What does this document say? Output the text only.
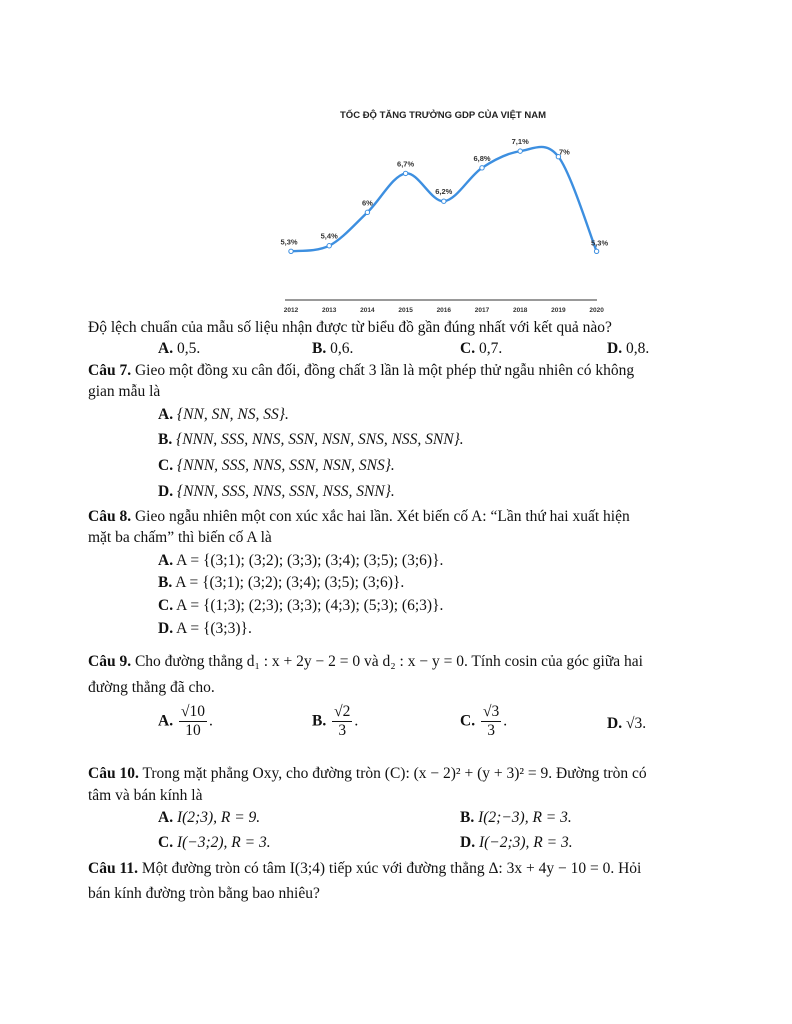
TỐC ĐỘ TĂNG TRƯỞNG GDP CỦA VIỆT NAM
5,3%
2012
5,4%
2013
6%
2014
6,7%
2015
6,2%
2016
6,8%
2017
7,1%
2018
7%
2019
5,3%
2020
Độ lệch chuẩn của mẫu số liệu nhận được từ biểu đồ gần đúng nhất với kết quả nào?
A. 0,5.	B. 0,6.	C. 0,7.	D. 0,8.
Câu 7. Gieo một đồng xu cân đối, đồng chất 3 lần là một phép thử ngẫu nhiên có không
gian mẫu là
A. {NN, SN, NS, SS}.
B. {NNN, SSS, NNS, SSN, NSN, SNS, NSS, SNN}.
C. {NNN, SSS, NNS, SSN, NSN, SNS}.
D. {NNN, SSS, NNS, SSN, NSS, SNN}.
Câu 8. Gieo ngẫu nhiên một con xúc xắc hai lần. Xét biến cố A: “Lần thứ hai xuất hiện
mặt ba chấm” thì biến cố A là
A. A = {(3;1); (3;2); (3;3); (3;4); (3;5); (3;6)}.
B. A = {(3;1); (3;2); (3;4); (3;5); (3;6)}.
C. A = {(1;3); (2;3); (3;3); (4;3); (5;3); (6;3)}.
D. A = {(3;3)}.
Câu 9. Cho đường thẳng d₁ : x + 2y − 2 = 0 và d₂ : x − y = 0. Tính cosin của góc giữa hai
đường thẳng đã cho.
A. $\frac{√10}{10}$ .	B. $\frac{√2}{3}$ .	C. $\frac{√3}{3}$ .	D. √3.
Câu 10. Trong mặt phẳng Oxy, cho đường tròn (C): (x − 2)² + (y + 3)² = 9. Đường tròn có
tâm và bán kính là
A. I(2;3), R = 9.	B. I(2;−3), R = 3.
C. I(−3;2), R = 3.	D. I(−2;3), R = 3.
Câu 11. Một đường tròn có tâm I(3;4) tiếp xúc với đường thẳng Δ: 3x + 4y − 10 = 0. Hỏi
bán kính đường tròn bằng bao nhiêu?
